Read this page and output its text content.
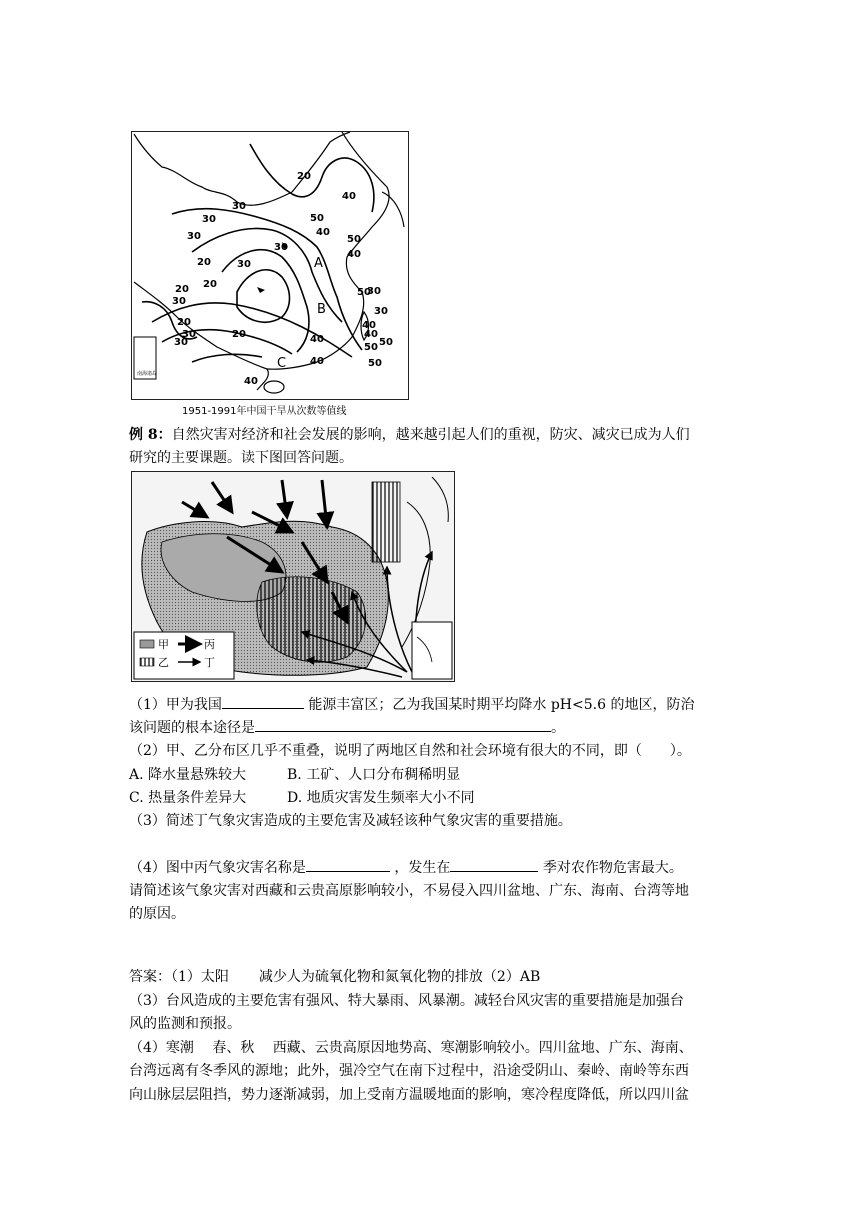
南海诸岛
20
30
30
30
20	30
20
30
40
50
40
50
40
30
20
20
30
30	40
50
30
30
40
40
50
40	50
50
20
40
A
B
C
1951-1991年中国干旱从次数等值线
例 8：自然灾害对经济和社会发展的影响，越来越引起人们的重视，防灾、减灾已成为人们
研究的主要课题。读下图回答问题。
甲	丙
乙	丁
（1）甲为我国	能源丰富区；乙为我国某时期平均降水 pH<5.6 的地区，防治
该问题的根本途径是	。
（2）甲、乙分布区几乎不重叠，说明了两地区自然和社会环境有很大的不同，即（　　）。
A. 降水量悬殊较大	B. 工矿、人口分布稠稀明显
C. 热量条件差异大	D. 地质灾害发生频率大小不同
（3）简述丁气象灾害造成的主要危害及减轻该种气象灾害的重要措施。
（4）图中丙气象灾害名称是	，发生在	季对农作物危害最大。
请简述该气象灾害对西藏和云贵高原影响较小，不易侵入四川盆地、广东、海南、台湾等地
的原因。
答案：（1）太阳 减少人为硫氧化物和氮氧化物的排放（2）AB
（3）台风造成的主要危害有强风、特大暴雨、风暴潮。减轻台风灾害的重要措施是加强台
风的监测和预报。
（4）寒潮　 春、秋　 西藏、云贵高原因地势高、寒潮影响较小。四川盆地、广东、海南、
台湾远离有冬季风的源地；此外，强冷空气在南下过程中，沿途受阴山、秦岭、南岭等东西
向山脉层层阻挡，势力逐渐减弱，加上受南方温暖地面的影响，寒冷程度降低，所以四川盆
